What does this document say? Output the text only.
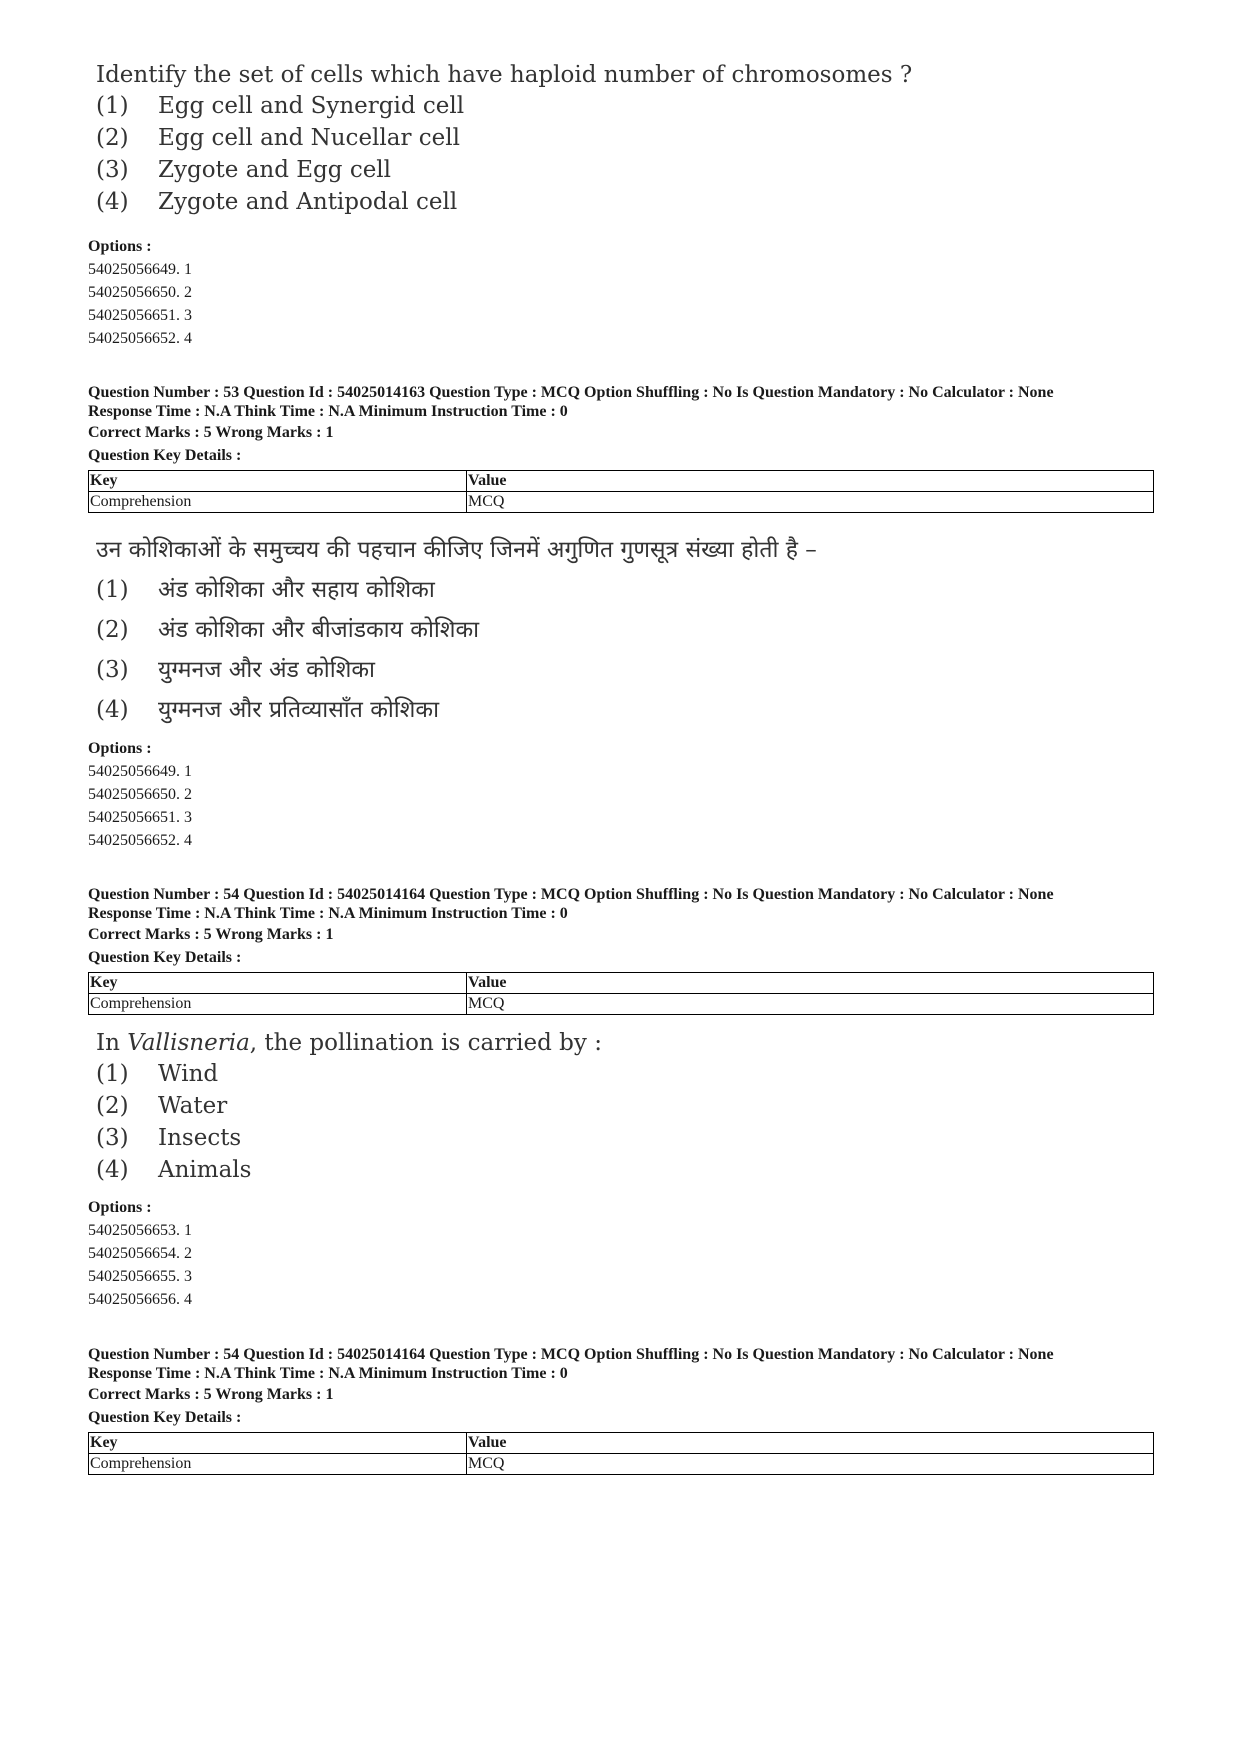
Identify the set of cells which have haploid number of chromosomes ?

(1)	Egg cell and Synergid cell
(2)	Egg cell and Nucellar cell
(3)	Zygote and Egg cell
(4)	Zygote and Antipodal cell

Options :

54025056649. 1

54025056650. 2

54025056651. 3

54025056652. 4

Question Number : 53 Question Id : 54025014163 Question Type : MCQ Option Shuffling : No Is Question Mandatory : No Calculator : None

Response Time : N.A Think Time : N.A Minimum Instruction Time : 0

Correct Marks : 5 Wrong Marks : 1

Question Key Details :

Key	Value
Comprehension	MCQ

उन कोशिकाओं के समुच्चय की पहचान कीजिए जिनमें अगुणित गुणसूत्र संख्या होती है –

(1)	अंड कोशिका और सहाय कोशिका
(2)	अंड कोशिका और बीजांडकाय कोशिका
(3)	युग्मनज और अंड कोशिका
(4)	युग्मनज और प्रतिव्यासाँत कोशिका

Options :

54025056649. 1

54025056650. 2

54025056651. 3

54025056652. 4

Question Number : 54 Question Id : 54025014164 Question Type : MCQ Option Shuffling : No Is Question Mandatory : No Calculator : None

Response Time : N.A Think Time : N.A Minimum Instruction Time : 0

Correct Marks : 5 Wrong Marks : 1

Question Key Details :

Key	Value
Comprehension	MCQ

In Vallisneria, the pollination is carried by :

(1)	Wind
(2)	Water
(3)	Insects
(4)	Animals

Options :

54025056653. 1

54025056654. 2

54025056655. 3

54025056656. 4

Question Number : 54 Question Id : 54025014164 Question Type : MCQ Option Shuffling : No Is Question Mandatory : No Calculator : None

Response Time : N.A Think Time : N.A Minimum Instruction Time : 0

Correct Marks : 5 Wrong Marks : 1

Question Key Details :

Key	Value
Comprehension	MCQ
